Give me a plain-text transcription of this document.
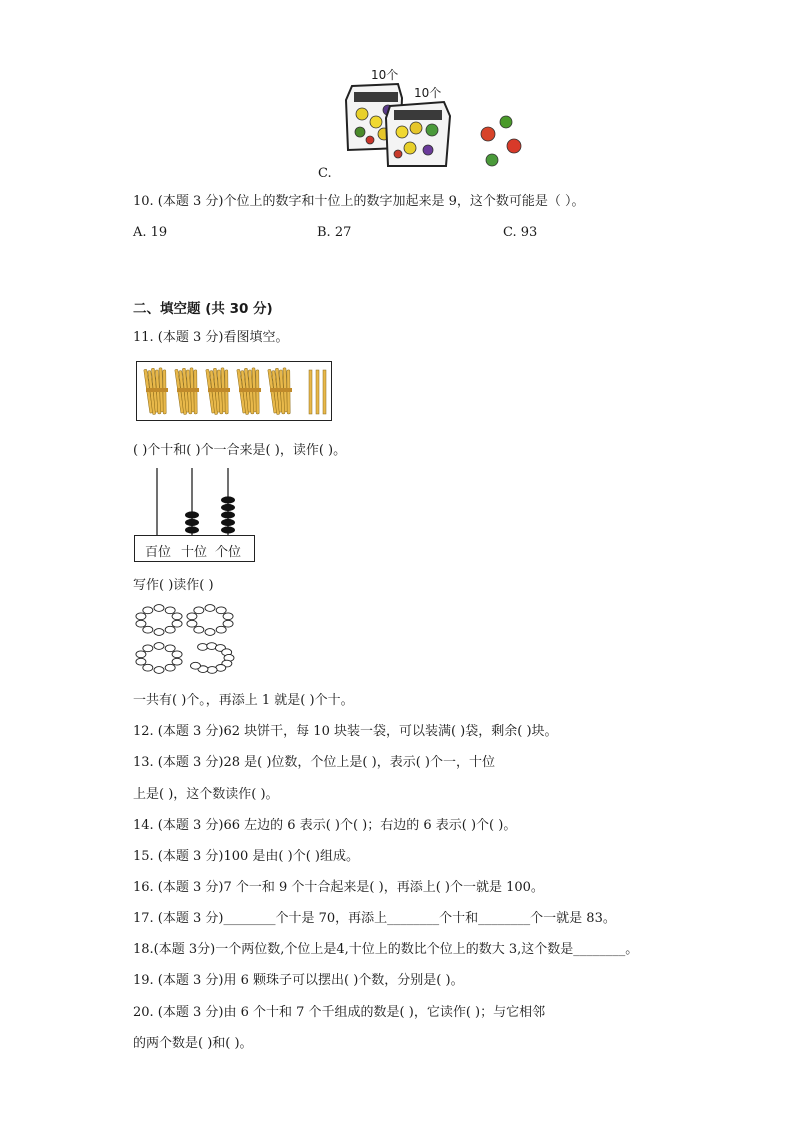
10个
10个
C.
10. (本题 3 分)个位上的数字和十位上的数字加起来是 9，这个数可能是（ ）。
A. 19	B. 27	C. 93
二、填空题 (共 30 分)
11. (本题 3 分)看图填空。
( )个十和( )个一合来是( )，读作( )。
百位 十位 个位
写作( )读作( )
一共有( )个。，再添上 1 就是( )个十。
12. (本题 3 分)62 块饼干，每 10 块装一袋，可以装满( )袋，剩余( )块。
13. (本题 3 分)28 是( )位数，个位上是( )，表示( )个一，十位
上是( )，这个数读作( )。
14. (本题 3 分)66 左边的 6 表示( )个( )；右边的 6 表示( )个( )。
15. (本题 3 分)100 是由( )个( )组成。
16. (本题 3 分)7 个一和 9 个十合起来是( )，再添上( )个一就是 100。
17. (本题 3 分)________个十是 70，再添上________个十和________个一就是 83。
18.(本题 3分)一个两位数,个位上是4,十位上的数比个位上的数大 3,这个数是________。
19. (本题 3 分)用 6 颗珠子可以摆出( )个数，分别是( )。
20. (本题 3 分)由 6 个十和 7 个千组成的数是( )，它读作( )；与它相邻
的两个数是( )和( )。
